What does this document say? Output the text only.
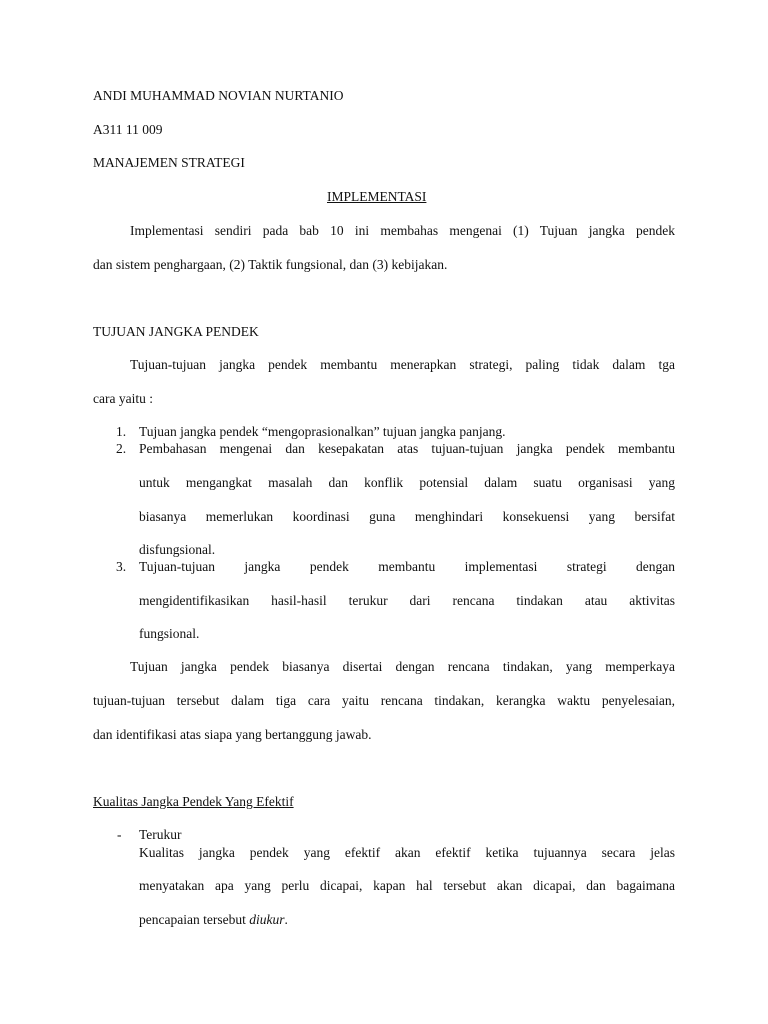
ANDI MUHAMMAD NOVIAN NURTANIO
A311 11 009
MANAJEMEN STRATEGI
IMPLEMENTASI
Implementasi sendiri pada bab 10 ini membahas mengenai (1) Tujuan jangka pendek
dan sistem penghargaan, (2) Taktik fungsional, dan (3) kebijakan.
TUJUAN JANGKA PENDEK
Tujuan-tujuan jangka pendek membantu menerapkan strategi, paling tidak dalam tga
cara yaitu :
1. Tujuan jangka pendek “mengoprasionalkan” tujuan jangka panjang.
2. Pembahasan mengenai dan kesepakatan atas tujuan-tujuan jangka pendek membantu
untuk mengangkat masalah dan konflik potensial dalam suatu organisasi yang
biasanya memerlukan koordinasi guna menghindari konsekuensi yang bersifat
disfungsional.
3. Tujuan-tujuan jangka pendek membantu implementasi strategi dengan
mengidentifikasikan hasil-hasil terukur dari rencana tindakan atau aktivitas
fungsional.
Tujuan jangka pendek biasanya disertai dengan rencana tindakan, yang memperkaya
tujuan-tujuan tersebut dalam tiga cara yaitu rencana tindakan, kerangka waktu penyelesaian,
dan identifikasi atas siapa yang bertanggung jawab.
Kualitas Jangka Pendek Yang Efektif
- Terukur
Kualitas jangka pendek yang efektif akan efektif ketika tujuannya secara jelas
menyatakan apa yang perlu dicapai, kapan hal tersebut akan dicapai, dan bagaimana
pencapaian tersebut diukur.
